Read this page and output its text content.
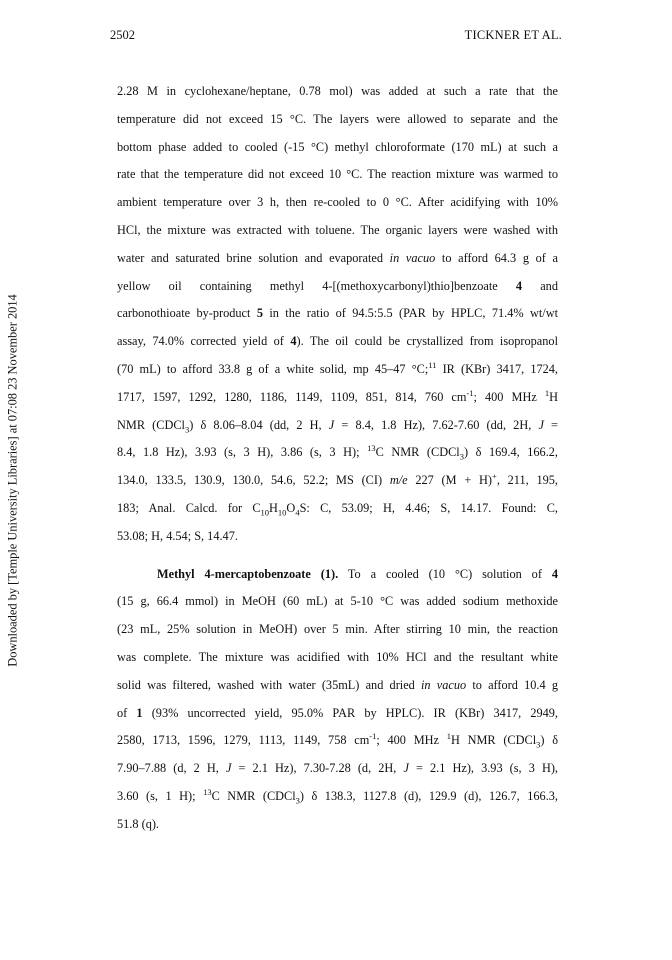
2502	TICKNER ET AL.
Downloaded by [Temple University Libraries] at 07:08 23 November 2014
2.28 M in cyclohexane/heptane, 0.78 mol) was added at such a rate that the
temperature did not exceed 15 °C. The layers were allowed to separate and the
bottom phase added to cooled (-15 °C) methyl chloroformate (170 mL) at such a
rate that the temperature did not exceed 10 °C. The reaction mixture was warmed to
ambient temperature over 3 h, then re-cooled to 0 °C. After acidifying with 10%
HCl, the mixture was extracted with toluene. The organic layers were washed with
water and saturated brine solution and evaporated in vacuo to afford 64.3 g of a
yellow oil containing methyl 4-[(methoxycarbonyl)thio]benzoate 4 and
carbonothioate by-product 5 in the ratio of 94.5:5.5 (PAR by HPLC, 71.4% wt/wt
assay, 74.0% corrected yield of 4). The oil could be crystallized from isopropanol
(70 mL) to afford 33.8 g of a white solid, mp 45–47 °C;$^{11}$ IR (KBr) 3417, 1724,
1717, 1597, 1292, 1280, 1186, 1149, 1109, 851, 814, 760 $cm^{-1}$; 400 MHz $^1$H
NMR (CDCl$_3$) δ 8.06–8.04 (dd, 2 H, J = 8.4, 1.8 Hz), 7.62-7.60 (dd, 2H, J =
8.4, 1.8 Hz), 3.93 (s, 3 H), 3.86 (s, 3 H); $^{13}$C NMR (CDCl$_3$) δ 169.4, 166.2,
134.0, 133.5, 130.9, 130.0, 54.6, 52.2; MS (CI) m/e 227 (M + H)+, 211, 195,
183; Anal. Calcd. for $C_{10}H_{10}O_4S$: C, 53.09; H, 4.46; S, 14.17. Found: C,
53.08; H, 4.54; S, 14.47.
Methyl 4-mercaptobenzoate (1). To a cooled (10 °C) solution of 4
(15 g, 66.4 mmol) in MeOH (60 mL) at 5-10 °C was added sodium methoxide
(23 mL, 25% solution in MeOH) over 5 min. After stirring 10 min, the reaction
was complete. The mixture was acidified with 10% HCl and the resultant white
solid was filtered, washed with water (35mL) and dried in vacuo to afford 10.4 g
of 1 (93% uncorrected yield, 95.0% PAR by HPLC). IR (KBr) 3417, 2949,
2580, 1713, 1596, 1279, 1113, 1149, 758 $cm^{-1}$; 400 MHz $^1$H NMR (CDCl$_3$) δ
7.90–7.88 (d, 2 H, J = 2.1 Hz), 7.30-7.28 (d, 2H, J = 2.1 Hz), 3.93 (s, 3 H),
3.60 (s, 1 H); $^{13}$C NMR (CDCl$_3$) δ 138.3, 1127.8 (d), 129.9 (d), 126.7, 166.3,
51.8 (q).
